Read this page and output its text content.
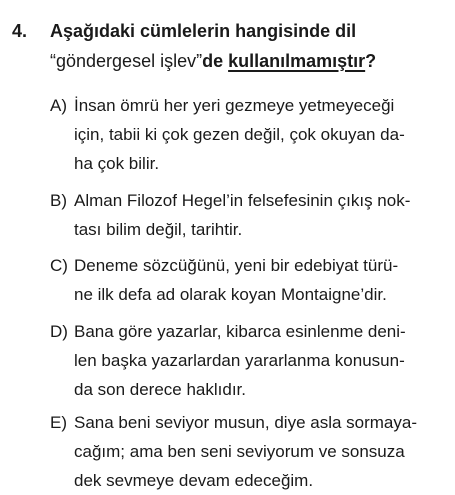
4. Aşağıdaki cümlelerin hangisinde dil “göndergesel işlev”de kullanılmamıştır?
A) İnsan ömrü her yeri gezmeye yetmeyeceği
için, tabii ki çok gezen değil, çok okuyan da-
ha çok bilir.
B) Alman Filozof Hegel’in felsefesinin çıkış nok-
tası bilim değil, tarihtir.
C) Deneme sözcüğünü, yeni bir edebiyat türü-
ne ilk defa ad olarak koyan Montaigne’dir.
D) Bana göre yazarlar, kibarca esinlenme deni-
len başka yazarlardan yararlanma konusun-
da son derece haklıdır.
E) Sana beni seviyor musun, diye asla sormaya-
cağım; ama ben seni seviyorum ve sonsuza
dek sevmeye devam edeceğim.
